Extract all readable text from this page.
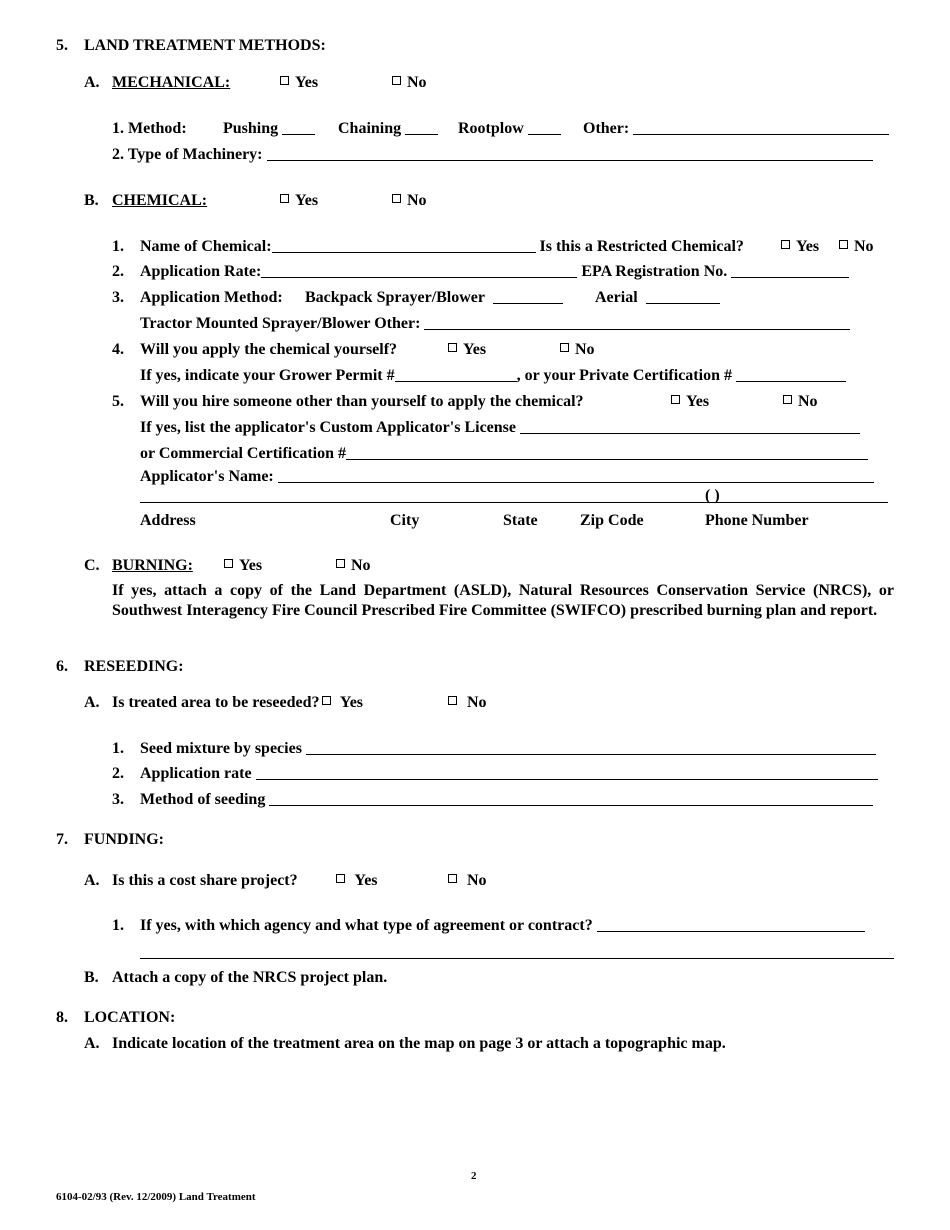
5. LAND TREATMENT METHODS:
A. MECHANICAL:	Yes	No
1. Method: Pushing	Chaining	Rootplow	Other:
2. Type of Machinery:
B. CHEMICAL:	Yes	No
1. Name of Chemical:	Is this a Restricted Chemical?	Yes	No
2. Application Rate:	EPA Registration No.
3. Application Method: Backpack Sprayer/Blower	Aerial
Tractor Mounted Sprayer/Blower Other:
4. Will you apply the chemical yourself?	Yes	No
If yes, indicate your Grower Permit #	, or your Private Certification #
5. Will you hire someone other than yourself to apply the chemical?	Yes	No
If yes, list the applicator's Custom Applicator's License
or Commercial Certification #
Applicator's Name:
( )
Address	City	State	Zip Code	Phone Number
C. BURNING:	Yes	No
If yes, attach a copy of the Land Department (ASLD), Natural Resources Conservation Service (NRCS), or Southwest Interagency Fire Council Prescribed Fire Committee (SWIFCO) prescribed burning plan and report.
6. RESEEDING:
A. Is treated area to be reseeded? Yes	No
1. Seed mixture by species
2. Application rate
3. Method of seeding
7. FUNDING:
A. Is this a cost share project?	Yes	No
1. If yes, with which agency and what type of agreement or contract?
B. Attach a copy of the NRCS project plan.
8. LOCATION:
A. Indicate location of the treatment area on the map on page 3 or attach a topographic map.
2
6104-02/93 (Rev. 12/2009) Land Treatment
